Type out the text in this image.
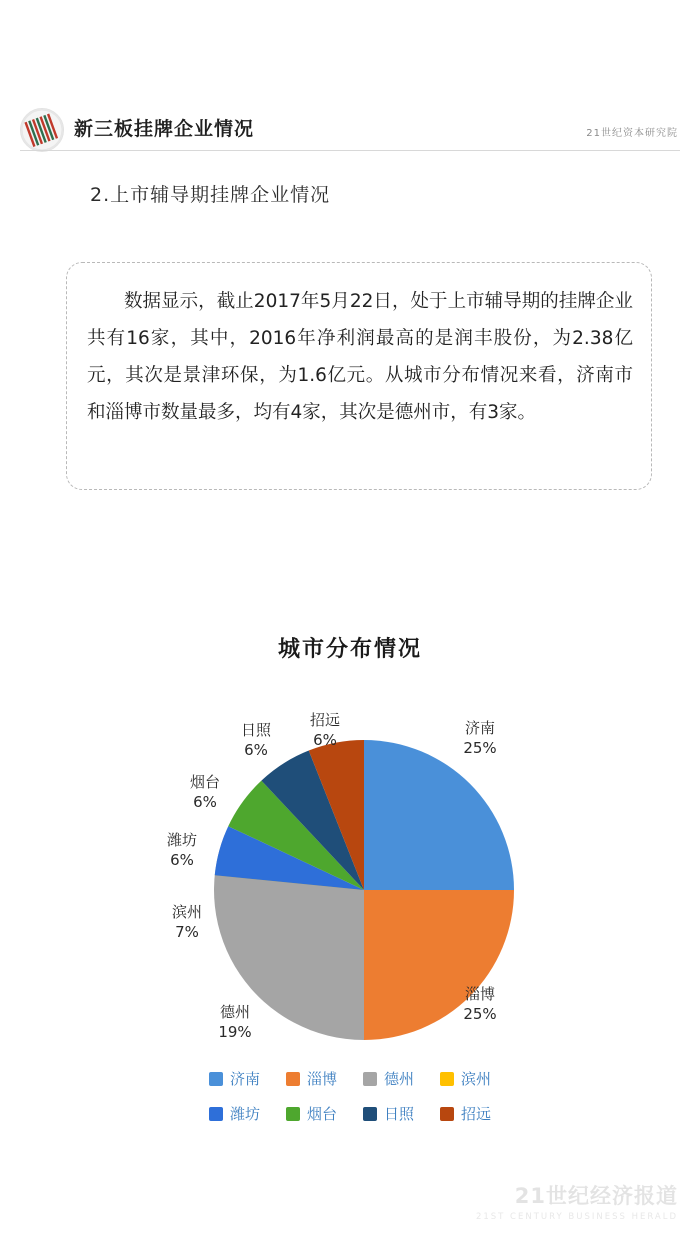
新三板挂牌企业情况	21世纪资本研究院
2.上市辅导期挂牌企业情况
数据显示，截止2017年5月22日，处于上市辅导期的挂牌企业共有16家，其中，2016年净利润最高的是润丰股份，为2.38亿元，其次是景津环保，为1.6亿元。从城市分布情况来看，济南市和淄博市数量最多，均有4家，其次是德州市，有3家。
城市分布情况
济南
25%
淄博
25%
德州
19%
滨州
7%
潍坊
6%
烟台
6%
日照
6%
招远
6%
济南	淄博	德州	滨州
潍坊	烟台	日照	招远
21世纪经济报道
21ST CENTURY BUSINESS HERALD
